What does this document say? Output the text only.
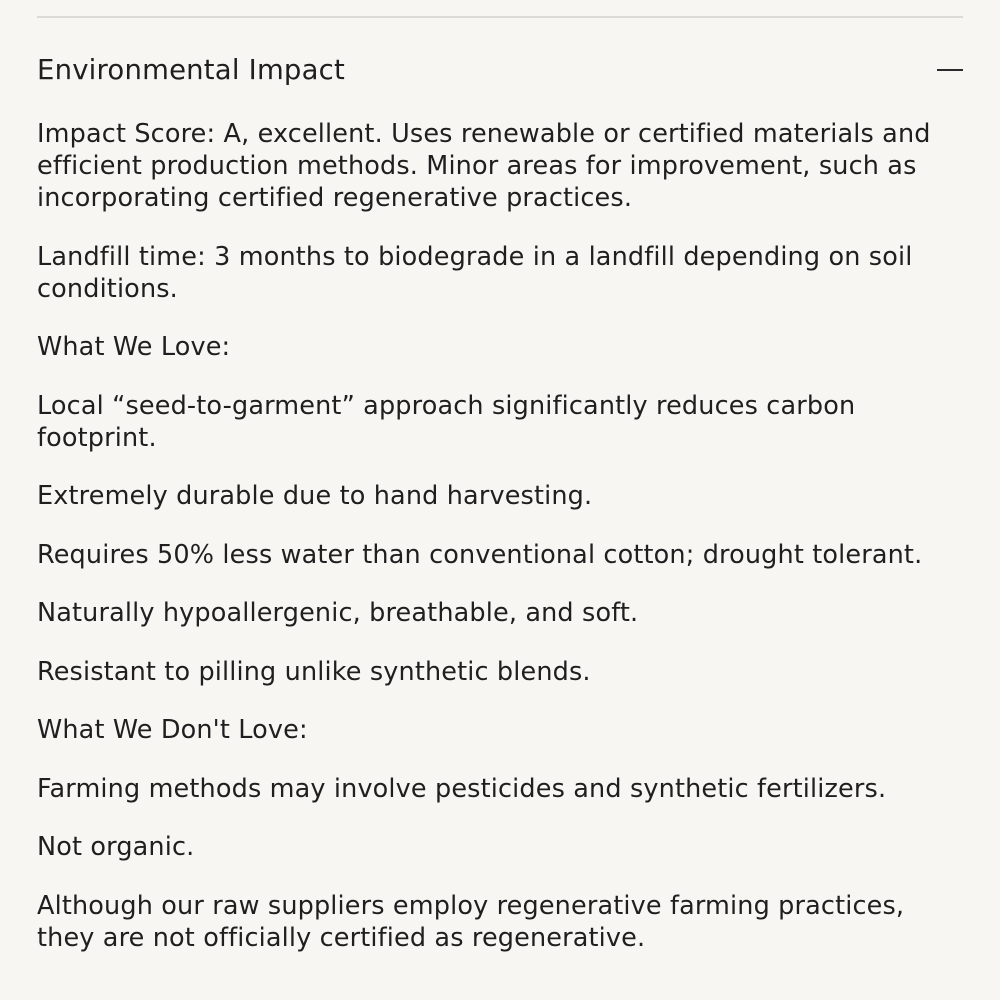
Environmental Impact

Impact Score: A, excellent. Uses renewable or certified materials and efficient production methods. Minor areas for improvement, such as incorporating certified regenerative practices.

Landfill time: 3 months to biodegrade in a landfill depending on soil conditions.

What We Love:

Local “seed-to-garment” approach significantly reduces carbon footprint.

Extremely durable due to hand harvesting.

Requires 50% less water than conventional cotton; drought tolerant.

Naturally hypoallergenic, breathable, and soft.

Resistant to pilling unlike synthetic blends.

What We Don't Love:

Farming methods may involve pesticides and synthetic fertilizers.

Not organic.

Although our raw suppliers employ regenerative farming practices, they are not officially certified as regenerative.
